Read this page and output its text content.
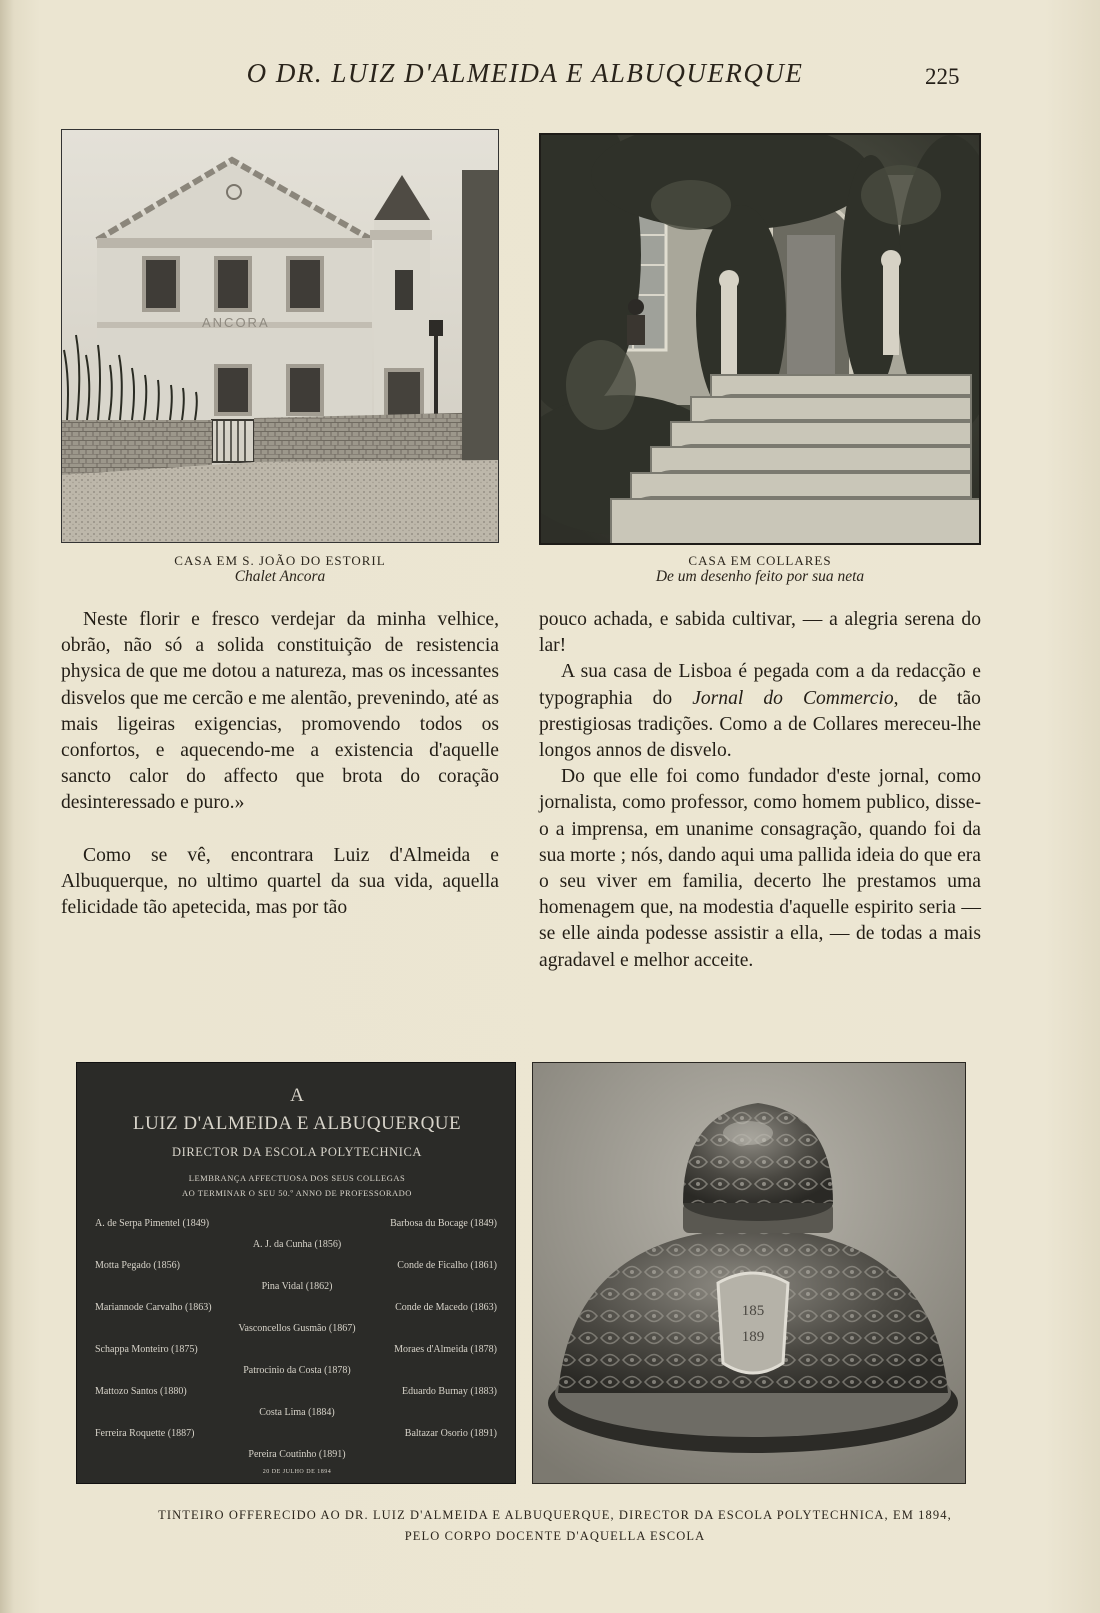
O DR. LUIZ D'ALMEIDA E ALBUQUERQUE	225
ANCORA
CASA EM S. JOÃO DO ESTORIL
Chalet Ancora
CASA EM COLLARES
De um desenho feito por sua neta

Neste florir e fresco verdejar da minha velhice, obrão, não só a solida constituição de resistencia physica de que me dotou a natureza, mas os incessantes disvelos que me cercão e me alentão, prevenindo, até as mais ligeiras exigencias, promovendo todos os confortos, e aquecendo-me a existencia d'aquelle sancto calor do affecto que brota do coração desinteressado e puro.»

Como se vê, encontrara Luiz d'Almeida e Albuquerque, no ultimo quartel da sua vida, aquella felicidade tão apetecida, mas por tão

pouco achada, e sabida cultivar, — a alegria serena do lar!

A sua casa de Lisboa é pegada com a da redacção e typographia do Jornal do Commercio, de tão prestigiosas tradições. Como a de Collares mereceu-lhe longos annos de disvelo.

Do que elle foi como fundador d'este jornal, como jornalista, como professor, como homem publico, disse-o a imprensa, em unanime consagração, quando foi da sua morte ; nós, dando aqui uma pallida ideia do que era o seu viver em familia, decerto lhe prestamos uma homenagem que, na modestia d'aquelle espirito seria — se elle ainda podesse assistir a ella, — de todas a mais agradavel e melhor acceite.

A
LUIZ D'ALMEIDA E ALBUQUERQUE
DIRECTOR DA ESCOLA POLYTECHNICA
LEMBRANÇA AFFECTUOSA DOS SEUS COLLEGAS
AO TERMINAR O SEU 50.º ANNO DE PROFESSORADO
A. de Serpa Pimentel (1849)	Barbosa du Bocage (1849)
A. J. da Cunha (1856)
Motta Pegado (1856)	Conde de Ficalho (1861)
Pina Vidal (1862)
Mariannode Carvalho (1863)	Conde de Macedo (1863)
Vasconcellos Gusmão (1867)
Schappa Monteiro (1875)	Moraes d'Almeida (1878)
Patrocinio da Costa (1878)
Mattozo Santos (1880)	Eduardo Burnay (1883)
Costa Lima (1884)
Ferreira Roquette (1887)	Baltazar Osorio (1891)
Pereira Coutinho (1891)
20 DE JULHO DE 1894
185
189
TINTEIRO OFFERECIDO AO DR. LUIZ D'ALMEIDA E ALBUQUERQUE, DIRECTOR DA ESCOLA POLYTECHNICA, EM 1894,
PELO CORPO DOCENTE D'AQUELLA ESCOLA
